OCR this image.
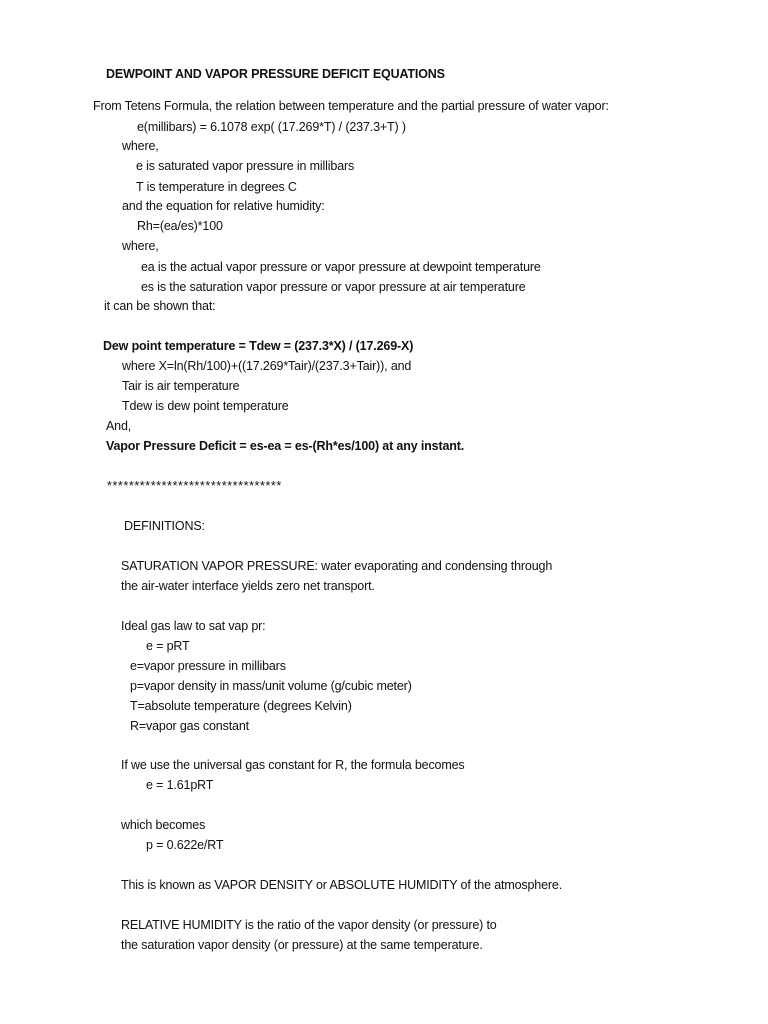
DEWPOINT AND VAPOR PRESSURE DEFICIT EQUATIONS
From Tetens Formula, the relation between temperature and the partial pressure of water vapor:
e(millibars) = 6.1078 exp( (17.269*T) / (237.3+T) )
where,
e is saturated vapor pressure in millibars
T is temperature in degrees C
and the equation for relative humidity:
Rh=(ea/es)*100
where,
ea is the actual vapor pressure or vapor pressure at dewpoint temperature
es is the saturation vapor pressure or vapor pressure at air temperature
it can be shown that:
Dew point temperature = Tdew = (237.3*X) / (17.269-X)
where X=ln(Rh/100)+((17.269*Tair)/(237.3+Tair)), and
Tair is air temperature
Tdew is dew point temperature
And,
Vapor Pressure Deficit = es-ea = es-(Rh*es/100) at any instant.
********************************
DEFINITIONS:
SATURATION VAPOR PRESSURE: water evaporating and condensing through
the air-water interface yields zero net transport.
Ideal gas law to sat vap pr:
e = pRT
e=vapor pressure in millibars
p=vapor density in mass/unit volume (g/cubic meter)
T=absolute temperature (degrees Kelvin)
R=vapor gas constant
If we use the universal gas constant for R, the formula becomes
e = 1.61pRT
which becomes
p = 0.622e/RT
This is known as VAPOR DENSITY or ABSOLUTE HUMIDITY of the atmosphere.
RELATIVE HUMIDITY is the ratio of the vapor density (or pressure) to
the saturation vapor density (or pressure) at the same temperature.
